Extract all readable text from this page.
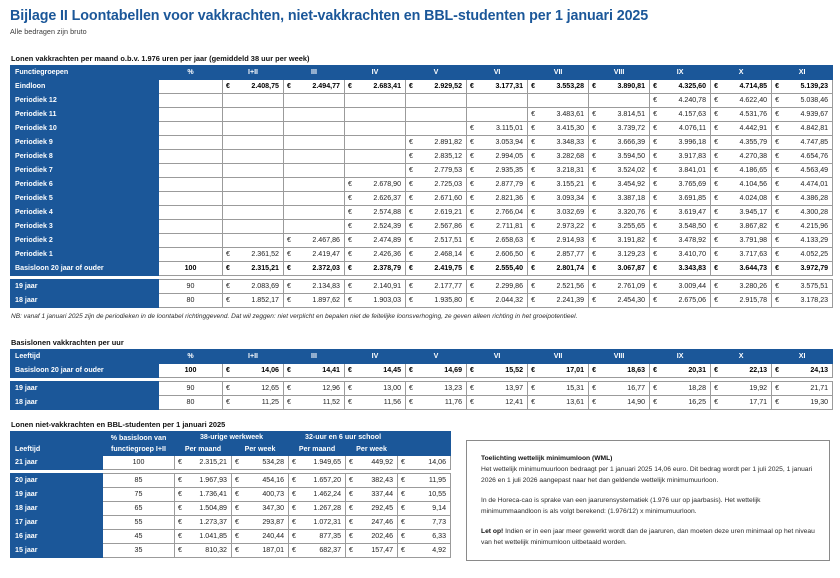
Bijlage II Loontabellen voor vakkrachten, niet-vakkrachten en BBL-studenten per 1 januari 2025
Alle bedragen zijn bruto
Lonen vakkrachten per maand o.b.v. 1.976 uren per jaar (gemiddeld 38 uur per week)
Functiegroepen	%	I+II		III		IV		V		VI		VII		VIII		IX		X		XI	
Eindloon		€	2.408,75	€	2.494,77	€	2.683,41	€	2.929,52	€	3.177,31	€	3.553,28	€	3.890,81	€	4.325,60	€	4.714,85	€	5.139,23
Periodiek 12																€	4.240,78	€	4.622,40	€	5.038,46
Periodiek 11												€	3.483,61	€	3.814,51	€	4.157,63	€	4.531,76	€	4.939,67
Periodiek 10										€	3.115,01	€	3.415,30	€	3.739,72	€	4.076,11	€	4.442,91	€	4.842,81
Periodiek 9								€	2.891,82	€	3.053,94	€	3.348,33	€	3.666,39	€	3.996,18	€	4.355,79	€	4.747,85
Periodiek 8								€	2.835,12	€	2.994,05	€	3.282,68	€	3.594,50	€	3.917,83	€	4.270,38	€	4.654,76
Periodiek 7								€	2.779,53	€	2.935,35	€	3.218,31	€	3.524,02	€	3.841,01	€	4.186,65	€	4.563,49
Periodiek 6						€	2.678,90	€	2.725,03	€	2.877,79	€	3.155,21	€	3.454,92	€	3.765,69	€	4.104,56	€	4.474,01
Periodiek 5						€	2.626,37	€	2.671,60	€	2.821,36	€	3.093,34	€	3.387,18	€	3.691,85	€	4.024,08	€	4.386,28
Periodiek 4						€	2.574,88	€	2.619,21	€	2.766,04	€	3.032,69	€	3.320,76	€	3.619,47	€	3.945,17	€	4.300,28
Periodiek 3						€	2.524,39	€	2.567,86	€	2.711,81	€	2.973,22	€	3.255,65	€	3.548,50	€	3.867,82	€	4.215,96
Periodiek 2				€	2.467,86	€	2.474,89	€	2.517,51	€	2.658,63	€	2.914,93	€	3.191,82	€	3.478,92	€	3.791,98	€	4.133,29
Periodiek 1		€	2.361,52	€	2.419,47	€	2.426,36	€	2.468,14	€	2.606,50	€	2.857,77	€	3.129,23	€	3.410,70	€	3.717,63	€	4.052,25
Basisloon 20 jaar of ouder	100	€	2.315,21	€	2.372,03	€	2.378,79	€	2.419,75	€	2.555,40	€	2.801,74	€	3.067,87	€	3.343,83	€	3.644,73	€	3.972,79

19 jaar	90	€	2.083,69	€	2.134,83	€	2.140,91	€	2.177,77	€	2.299,86	€	2.521,56	€	2.761,09	€	3.009,44	€	3.280,26	€	3.575,51
18 jaar	80	€	1.852,17	€	1.897,62	€	1.903,03	€	1.935,80	€	2.044,32	€	2.241,39	€	2.454,30	€	2.675,06	€	2.915,78	€	3.178,23
NB: vanaf 1 januari 2025 zijn de periodieken in de loontabel richtinggevend. Dat wil zeggen: niet verplicht en bepalen niet de feitelijke loonsverhoging, ze geven alleen richting in het groeipotentieel.
Basislonen vakkrachten per uur
Leeftijd	%	I+II		III		IV		V		VI		VII		VIII		IX		X		XI	
Basisloon 20 jaar of ouder	100	€	14,06	€	14,41	€	14,45	€	14,69	€	15,52	€	17,01	€	18,63	€	20,31	€	22,13	€	24,13

19 jaar	90	€	12,65	€	12,96	€	13,00	€	13,23	€	13,97	€	15,31	€	16,77	€	18,28	€	19,92	€	21,71
18 jaar	80	€	11,25	€	11,52	€	11,56	€	11,76	€	12,41	€	13,61	€	14,90	€	16,25	€	17,71	€	19,30
Lonen niet-vakkrachten en BBL-studenten per 1 januari 2025
Leeftijd	% basisloon van functiegroep I+II	38-urige werkweek				32-uur en 6 uur school					
		Per maand		Per week		Per maand		Per week			
21 jaar	100	€	2.315,21	€	534,28	€	1.949,65	€	449,92	€	14,06

20 jaar	85	€	1.967,93	€	454,16	€	1.657,20	€	382,43	€	11,95
19 jaar	75	€	1.736,41	€	400,73	€	1.462,24	€	337,44	€	10,55
18 jaar	65	€	1.504,89	€	347,30	€	1.267,28	€	292,45	€	9,14
17 jaar	55	€	1.273,37	€	293,87	€	1.072,31	€	247,46	€	7,73
16 jaar	45	€	1.041,85	€	240,44	€	877,35	€	202,46	€	6,33
15 jaar	35	€	810,32	€	187,01	€	682,37	€	157,47	€	4,92

Toelichting wettelijk minimumloon (WML)
Het wettelijk minimumuurloon bedraagt per 1 januari 2025 14,06 euro. Dit bedrag wordt per 1 juli 2025, 1 januari 2026 en 1 juli 2026 aangepast naar het dan geldende wettelijk minimumuurloon.

In de Horeca-cao is sprake van een jaarurensystematiek (1.976 uur op jaarbasis). Het wettelijk minimummaandloon is als volgt berekend: (1.976/12) x minimumuurloon.

Let op! Indien er in een jaar meer gewerkt wordt dan de jaaruren, dan moeten deze uren minimaal op het niveau van het wettelijk minimumloon uitbetaald worden.
